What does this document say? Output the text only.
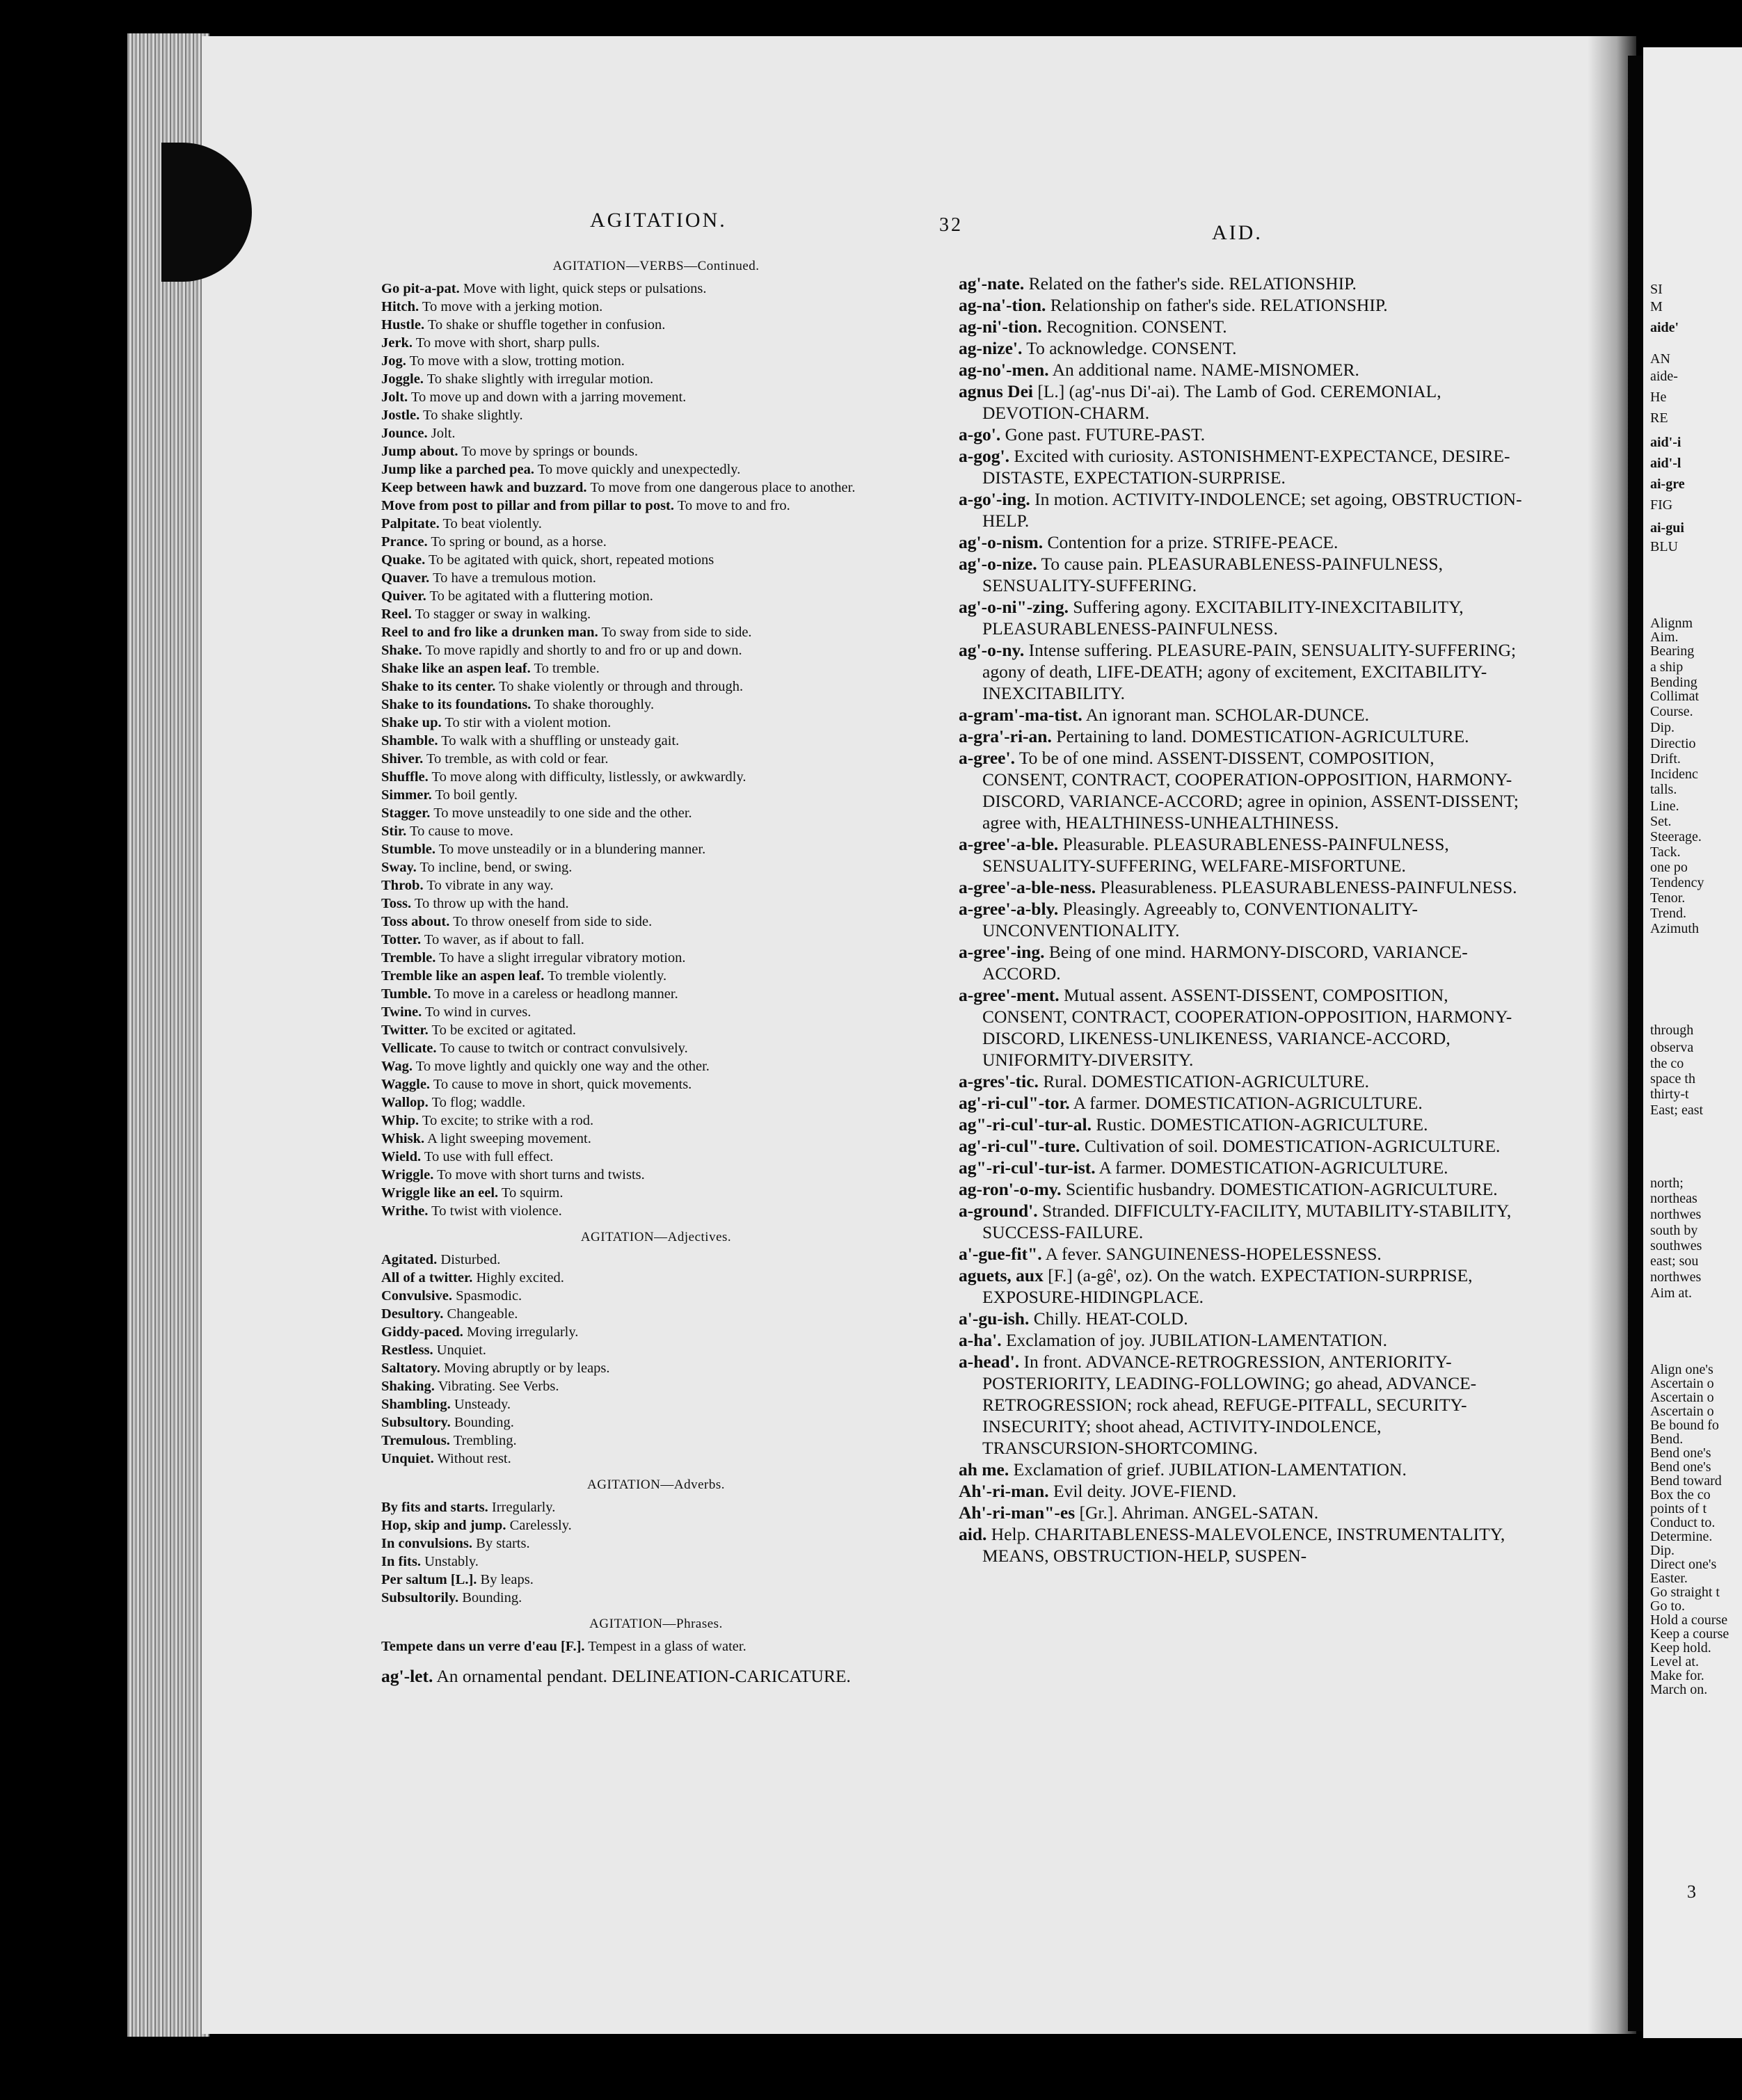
AGITATION.	32	AID.
AGITATION—VERBS—Continued.
Go pit-a-pat. Move with light, quick steps or pulsations.
Hitch. To move with a jerking motion.
Hustle. To shake or shuffle together in confusion.
Jerk. To move with short, sharp pulls.
Jog. To move with a slow, trotting motion.
Joggle. To shake slightly with irregular motion.
Jolt. To move up and down with a jarring movement.
Jostle. To shake slightly.
Jounce. Jolt.
Jump about. To move by springs or bounds.
Jump like a parched pea. To move quickly and unexpectedly.
Keep between hawk and buzzard. To move from one dangerous place to another.
Move from post to pillar and from pillar to post. To move to and fro.
Palpitate. To beat violently.
Prance. To spring or bound, as a horse.
Quake. To be agitated with quick, short, repeated motions
Quaver. To have a tremulous motion.
Quiver. To be agitated with a fluttering motion.
Reel. To stagger or sway in walking.
Reel to and fro like a drunken man. To sway from side to side.
Shake. To move rapidly and shortly to and fro or up and down.
Shake like an aspen leaf. To tremble.
Shake to its center. To shake violently or through and through.
Shake to its foundations. To shake thoroughly.
Shake up. To stir with a violent motion.
Shamble. To walk with a shuffling or unsteady gait.
Shiver. To tremble, as with cold or fear.
Shuffle. To move along with difficulty, listlessly, or awkwardly.
Simmer. To boil gently.
Stagger. To move unsteadily to one side and the other.
Stir. To cause to move.
Stumble. To move unsteadily or in a blundering manner.
Sway. To incline, bend, or swing.
Throb. To vibrate in any way.
Toss. To throw up with the hand.
Toss about. To throw oneself from side to side.
Totter. To waver, as if about to fall.
Tremble. To have a slight irregular vibratory motion.
Tremble like an aspen leaf. To tremble violently.
Tumble. To move in a careless or headlong manner.
Twine. To wind in curves.
Twitter. To be excited or agitated.
Vellicate. To cause to twitch or contract convulsively.
Wag. To move lightly and quickly one way and the other.
Waggle. To cause to move in short, quick movements.
Wallop. To flog; waddle.
Whip. To excite; to strike with a rod.
Whisk. A light sweeping movement.
Wield. To use with full effect.
Wriggle. To move with short turns and twists.
Wriggle like an eel. To squirm.
Writhe. To twist with violence.
AGITATION—Adjectives.
Agitated. Disturbed.
All of a twitter. Highly excited.
Convulsive. Spasmodic.
Desultory. Changeable.
Giddy-paced. Moving irregularly.
Restless. Unquiet.
Saltatory. Moving abruptly or by leaps.
Shaking. Vibrating. See Verbs.
Shambling. Unsteady.
Subsultory. Bounding.
Tremulous. Trembling.
Unquiet. Without rest.
AGITATION—Adverbs.
By fits and starts. Irregularly.
Hop, skip and jump. Carelessly.
In convulsions. By starts.
In fits. Unstably.
Per saltum [L.]. By leaps.
Subsultorily. Bounding.
AGITATION—Phrases.
Tempete dans un verre d'eau [F.]. Tempest in a glass of water.
ag'-let. An ornamental pendant. DELINEATION-CARICATURE.
ag'-nate. Related on the father's side. RELATIONSHIP.
ag-na'-tion. Relationship on father's side. RELATIONSHIP.
ag-ni'-tion. Recognition. CONSENT.
ag-nize'. To acknowledge. CONSENT.
ag-no'-men. An additional name. NAME-MISNOMER.
agnus Dei [L.] (ag'-nus Di'-ai). The Lamb of God. CEREMONIAL, DEVOTION-CHARM.
a-go'. Gone past. FUTURE-PAST.
a-gog'. Excited with curiosity. ASTONISHMENT-EXPECTANCE, DESIRE-DISTASTE, EXPECTATION-SURPRISE.
a-go'-ing. In motion. ACTIVITY-INDOLENCE; set agoing, OBSTRUCTION-HELP.
ag'-o-nism. Contention for a prize. STRIFE-PEACE.
ag'-o-nize. To cause pain. PLEASURABLENESS-PAINFULNESS, SENSUALITY-SUFFERING.
ag'-o-ni"-zing. Suffering agony. EXCITABILITY-INEXCITABILITY, PLEASURABLENESS-PAINFULNESS.
ag'-o-ny. Intense suffering. PLEASURE-PAIN, SENSUALITY-SUFFERING; agony of death, LIFE-DEATH; agony of excitement, EXCITABILITY-INEXCITABILITY.
a-gram'-ma-tist. An ignorant man. SCHOLAR-DUNCE.
a-gra'-ri-an. Pertaining to land. DOMESTICATION-AGRICULTURE.
a-gree'. To be of one mind. ASSENT-DISSENT, COMPOSITION, CONSENT, CONTRACT, COOPERATION-OPPOSITION, HARMONY-DISCORD, VARIANCE-ACCORD; agree in opinion, ASSENT-DISSENT; agree with, HEALTHINESS-UNHEALTHINESS.
a-gree'-a-ble. Pleasurable. PLEASURABLENESS-PAINFULNESS, SENSUALITY-SUFFERING, WELFARE-MISFORTUNE.
a-gree'-a-ble-ness. Pleasurableness. PLEASURABLENESS-PAINFULNESS.
a-gree'-a-bly. Pleasingly. Agreeably to, CONVENTIONALITY-UNCONVENTIONALITY.
a-gree'-ing. Being of one mind. HARMONY-DISCORD, VARIANCE-ACCORD.
a-gree'-ment. Mutual assent. ASSENT-DISSENT, COMPOSITION, CONSENT, CONTRACT, COOPERATION-OPPOSITION, HARMONY-DISCORD, LIKENESS-UNLIKENESS, VARIANCE-ACCORD, UNIFORMITY-DIVERSITY.
a-gres'-tic. Rural. DOMESTICATION-AGRICULTURE.
ag'-ri-cul"-tor. A farmer. DOMESTICATION-AGRICULTURE.
ag"-ri-cul'-tur-al. Rustic. DOMESTICATION-AGRICULTURE.
ag'-ri-cul"-ture. Cultivation of soil. DOMESTICATION-AGRICULTURE.
ag"-ri-cul'-tur-ist. A farmer. DOMESTICATION-AGRICULTURE.
ag-ron'-o-my. Scientific husbandry. DOMESTICATION-AGRICULTURE.
a-ground'. Stranded. DIFFICULTY-FACILITY, MUTABILITY-STABILITY, SUCCESS-FAILURE.
a'-gue-fit". A fever. SANGUINENESS-HOPELESSNESS.
aguets, aux [F.] (a-gê', oz). On the watch. EXPECTATION-SURPRISE, EXPOSURE-HIDINGPLACE.
a'-gu-ish. Chilly. HEAT-COLD.
a-ha'. Exclamation of joy. JUBILATION-LAMENTATION.
a-head'. In front. ADVANCE-RETROGRESSION, ANTERIORITY-POSTERIORITY, LEADING-FOLLOWING; go ahead, ADVANCE-RETROGRESSION; rock ahead, REFUGE-PITFALL, SECURITY-INSECURITY; shoot ahead, ACTIVITY-INDOLENCE, TRANSCURSION-SHORTCOMING.
ah me. Exclamation of grief. JUBILATION-LAMENTATION.
Ah'-ri-man. Evil deity. JOVE-FIEND.
Ah'-ri-man"-es [Gr.]. Ahriman. ANGEL-SATAN.
aid. Help. CHARITABLENESS-MALEVOLENCE, INSTRUMENTALITY, MEANS, OBSTRUCTION-HELP, SUSPEN-
SI
M
aide'
AN
aide-
He
RE
aid'-i
aid'-l
ai-gre
FIG
ai-gui
BLU
Alignm
Aim.
Bearing
a ship
Bending
Collimat
Course.
Dip.
Directio
Drift.
Incidenc
talls.
Line.
Set.
Steerage.
Tack.
one po
Tendency
Tenor.
Trend.
Azimuth
through
observa
the co
space th
thirty-t
East; east
north;
northeas
northwes
south by
southwes
east; sou
northwes
Aim at.
Align one's
Ascertain o
Ascertain o
Ascertain o
Be bound fo
Bend.
Bend one's
Bend one's
Bend toward
Box the co
points of t
Conduct to.
Determine.
Dip.
Direct one's
Easter.
Go straight t
Go to.
Hold a course
Keep a course
Keep hold.
Level at.
Make for.
March on.
3
